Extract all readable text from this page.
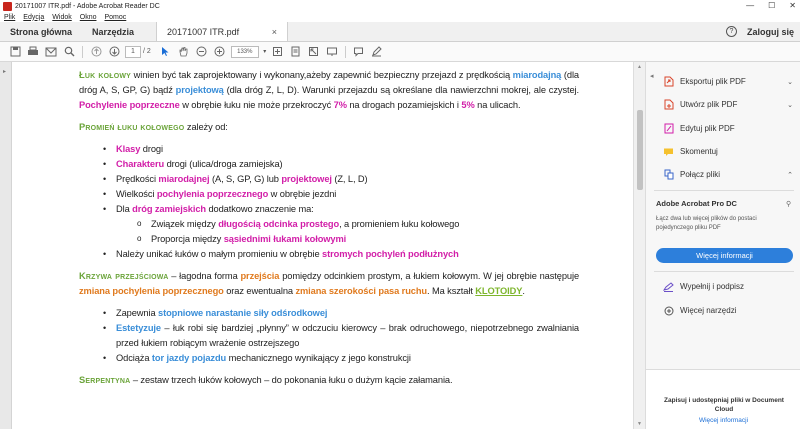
20171007 ITR.pdf - Adobe Acrobat Reader DC	— ☐ ✕
Plik Edycja Widok Okno Pomoc
Strona główna	Narzędzia	20171007 ITR.pdf	×	?	Zaloguj się
1	/ 2	133%	▾
▸	Łuk kołowy winien być tak zaprojektowany i wykonany,ażeby zapewnić bezpieczny przejazd z prędkością miarodajną (dla dróg A, S, GP, G) bądź projektową (dla dróg Z, L, D). Warunki przejazdu są określane dla nawierzchni mokrej, ale czystej. Pochylenie poprzeczne w obrębie łuku nie może przekroczyć 7% na drogach pozamiejskich i 5% na ulicach.
Promień łuku kołowego zależy od:
• Klasy drogi
• Charakteru drogi (ulica/droga zamiejska)
• Prędkości miarodajnej (A, S, GP, G) lub projektowej (Z, L, D)
• Wielkości pochylenia poprzecznego w obrębie jezdni
• Dla dróg zamiejskich dodatkowo znaczenie ma:
o Związek między długością odcinka prostego, a promieniem łuku kołowego
o Proporcja między sąsiednimi łukami kołowymi
• Należy unikać łuków o małym promieniu w obrębie stromych pochyleń podłużnych
Krzywa przejściowa – łagodna forma przejścia pomiędzy odcinkiem prostym, a łukiem kołowym. W jej obrębie następuje zmiana pochylenia poprzecznego oraz ewentualna zmiana szerokości pasa ruchu. Ma kształt KLOTOIDY.
• Zapewnia stopniowe narastanie siły odśrodkowej
• Estetyzuje – łuk robi się bardziej „płynny” w odczuciu kierowcy – brak odruchowego, niepotrzebnego zwalniania przed łukiem robiącym wrażenie ostrzejszego
• Odciąża tor jazdy pojazdu mechanicznego wynikający z jego konstrukcji
Serpentyna – zestaw trzech łuków kołowych – do pokonania łuku o dużym kącie załamania.
▲
▼
◂
Eksportuj plik PDF	⌄
Utwórz plik PDF	⌄
Edytuj plik PDF
Skomentuj
Połącz pliki	⌃
Adobe Acrobat Pro DC	⚲
Łącz dwa lub więcej plików do postaci pojedynczego pliku PDF
Więcej informacji
Wypełnij i podpisz
Więcej narzędzi
Zapisuj i udostępniaj pliki w Document Cloud
Więcej informacji
